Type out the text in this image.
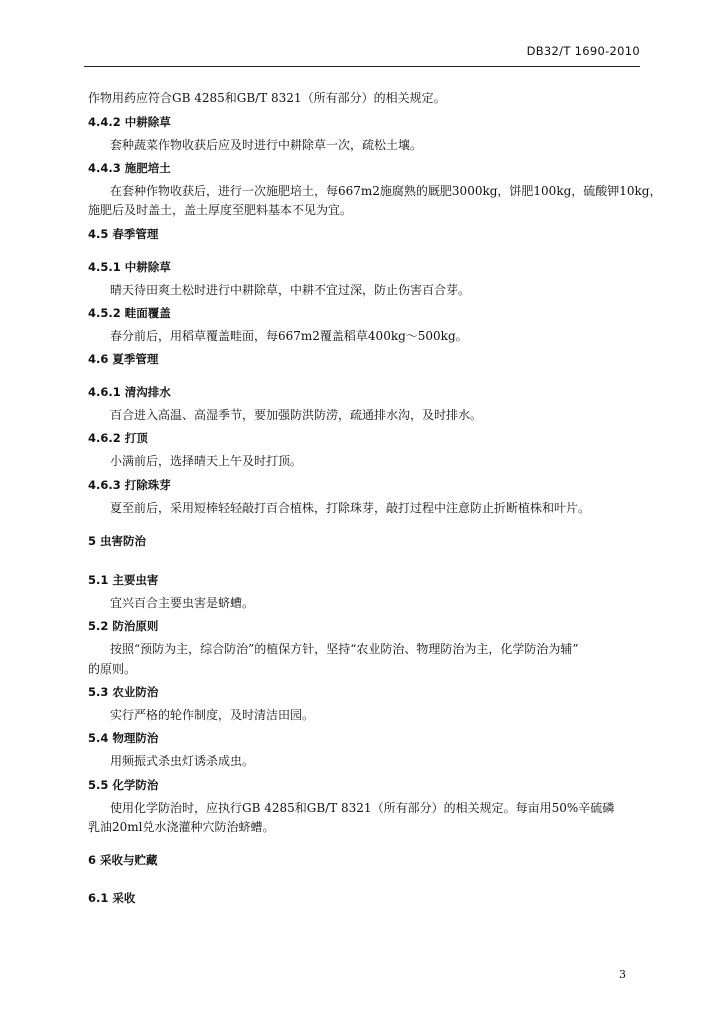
DB32/T 1690-2010
作物用药应符合GB 4285和GB/T 8321（所有部分）的相关规定。
4.4.2 中耕除草
套种蔬菜作物收获后应及时进行中耕除草一次，疏松土壤。
4.4.3 施肥培土
在套种作物收获后，进行一次施肥培土，每667m2施腐熟的厩肥3000kg，饼肥100kg，硫酸钾10kg，
施肥后及时盖土，盖土厚度至肥料基本不见为宜。
4.5 春季管理
4.5.1 中耕除草
晴天待田爽土松时进行中耕除草，中耕不宜过深，防止伤害百合芽。
4.5.2 畦面覆盖
春分前后，用稻草覆盖畦面，每667m2覆盖稻草400kg～500kg。
4.6 夏季管理
4.6.1 清沟排水
百合进入高温、高湿季节，要加强防洪防涝，疏通排水沟，及时排水。
4.6.2 打顶
小满前后，选择晴天上午及时打顶。
4.6.3 打除珠芽
夏至前后，采用短棒轻轻敲打百合植株，打除珠芽，敲打过程中注意防止折断植株和叶片。
5 虫害防治
5.1 主要虫害
宜兴百合主要虫害是蛴螬。
5.2 防治原则
按照“预防为主，综合防治”的植保方针，坚持“农业防治、物理防治为主，化学防治为辅”
的原则。
5.3 农业防治
实行严格的轮作制度，及时清洁田园。
5.4 物理防治
用频振式杀虫灯诱杀成虫。
5.5 化学防治
使用化学防治时，应执行GB 4285和GB/T 8321（所有部分）的相关规定。每亩用50%辛硫磷
乳油20ml兑水浇灌种穴防治蛴螬。
6 采收与贮藏
6.1 采收
3
